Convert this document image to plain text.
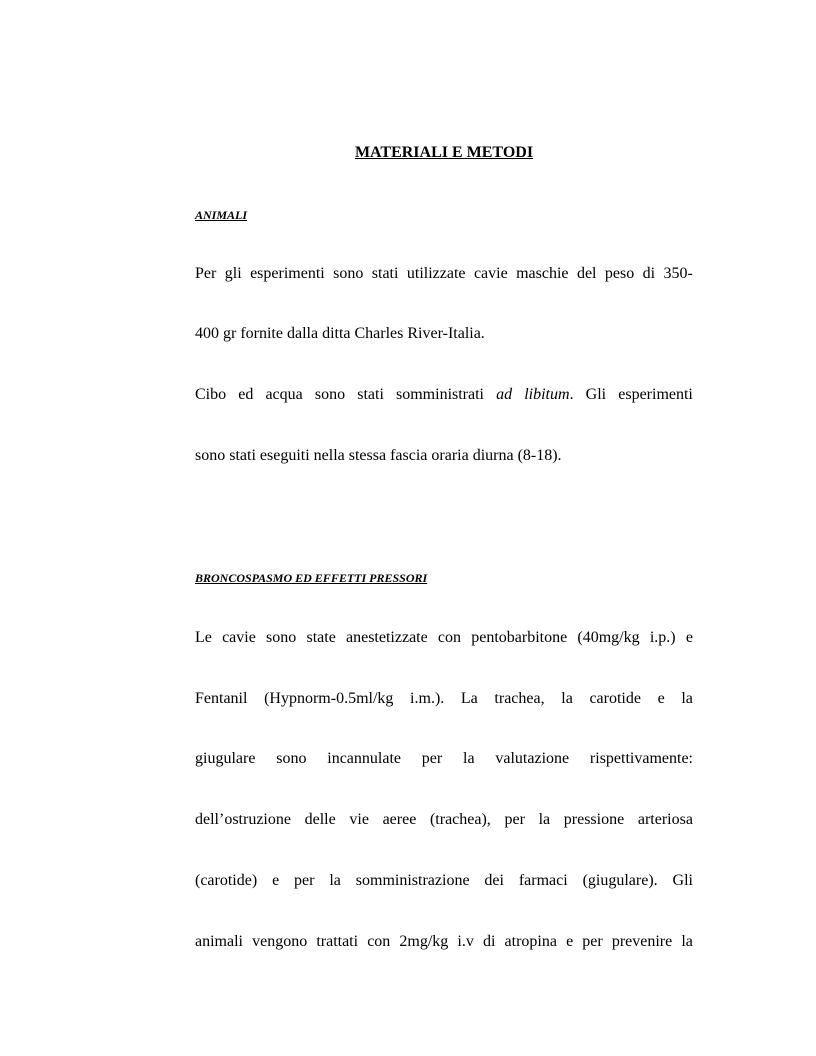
MATERIALI E METODI
ANIMALI

Per gli esperimenti sono stati utilizzate cavie maschie del peso di 350-

400 gr fornite dalla ditta Charles River-Italia.

Cibo ed acqua sono stati somministrati ad libitum. Gli esperimenti

sono stati eseguiti nella stessa fascia oraria diurna (8-18).

BRONCOSPASMO ED EFFETTI PRESSORI

Le cavie sono state anestetizzate con pentobarbitone (40mg/kg i.p.) e

Fentanil (Hypnorm-0.5ml/kg i.m.). La trachea, la carotide e la

giugulare sono incannulate per la valutazione rispettivamente:

dell’ostruzione delle vie aeree (trachea), per la pressione arteriosa

(carotide) e per la somministrazione dei farmaci (giugulare). Gli

animali vengono trattati con 2mg/kg i.v di atropina e per prevenire la
